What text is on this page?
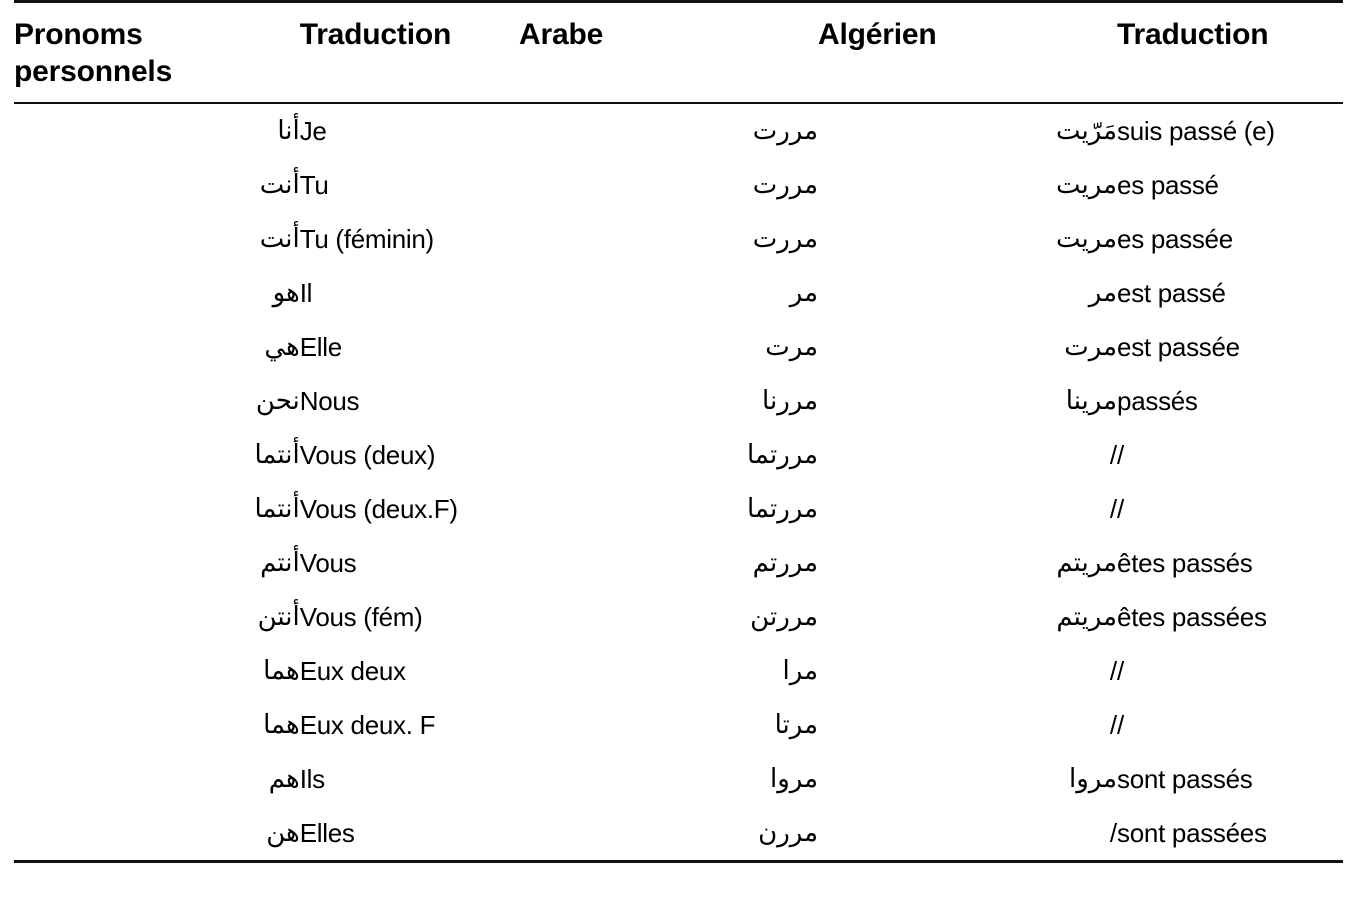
Pronoms
personnels
	Traduction	Arabe	Algérien	Traduction
أنا	Je	مررت	مَرّيت	suis passé (e)
أنت	Tu	مررت	مريت	es passé
أنت	Tu (féminin)	مررت	مريت	es passée
هو	Il	مر	مر	est passé
هي	Elle	مرت	مرت	est passée
نحن	Nous	مررنا	مرينا	passés
أنتما	Vous (deux)	مررتما	/	/
أنتما	Vous (deux.F)	مررتما	/	/
أنتم	Vous	مررتم	مريتم	êtes passés
أنتن	Vous (fém)	مررتن	مريتم	êtes passées
هما	Eux deux	مرا	/	/
هما	Eux deux. F	مرتا	/	/
هم	Ils	مروا	مروا	sont passés
هن	Elles	مررن	/	sont passées
